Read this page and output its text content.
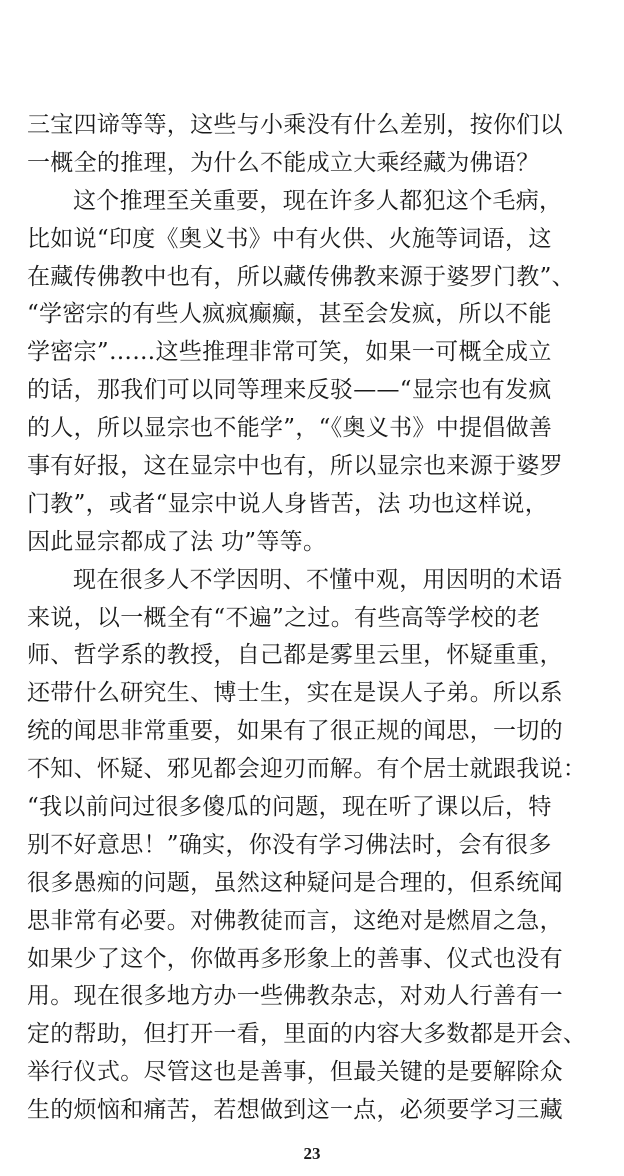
三宝四谛等等，这些与小乘没有什么差别，按你们以
一概全的推理，为什么不能成立大乘经藏为佛语？
这个推理至关重要，现在许多人都犯这个毛病，
比如说“印度《奥义书》中有火供、火施等词语，这
在藏传佛教中也有，所以藏传佛教来源于婆罗门教”、
“学密宗的有些人疯疯癫癫，甚至会发疯，所以不能
学密宗”……这些推理非常可笑，如果一可概全成立
的话，那我们可以同等理来反驳——“显宗也有发疯
的人，所以显宗也不能学”，“《奥义书》中提倡做善
事有好报，这在显宗中也有，所以显宗也来源于婆罗
门教”，或者“显宗中说人身皆苦，法 功也这样说，
因此显宗都成了法 功”等等。
现在很多人不学因明、不懂中观，用因明的术语
来说，以一概全有“不遍”之过。有些高等学校的老
师、哲学系的教授，自己都是雾里云里，怀疑重重，
还带什么研究生、博士生，实在是误人子弟。所以系
统的闻思非常重要，如果有了很正规的闻思，一切的
不知、怀疑、邪见都会迎刃而解。有个居士就跟我说：
“我以前问过很多傻瓜的问题，现在听了课以后，特
别不好意思！”确实，你没有学习佛法时，会有很多
很多愚痴的问题，虽然这种疑问是合理的，但系统闻
思非常有必要。对佛教徒而言，这绝对是燃眉之急，
如果少了这个，你做再多形象上的善事、仪式也没有
用。现在很多地方办一些佛教杂志，对劝人行善有一
定的帮助，但打开一看，里面的内容大多数都是开会、
举行仪式。尽管这也是善事，但最关键的是要解除众
生的烦恼和痛苦，若想做到这一点，必须要学习三藏
23
